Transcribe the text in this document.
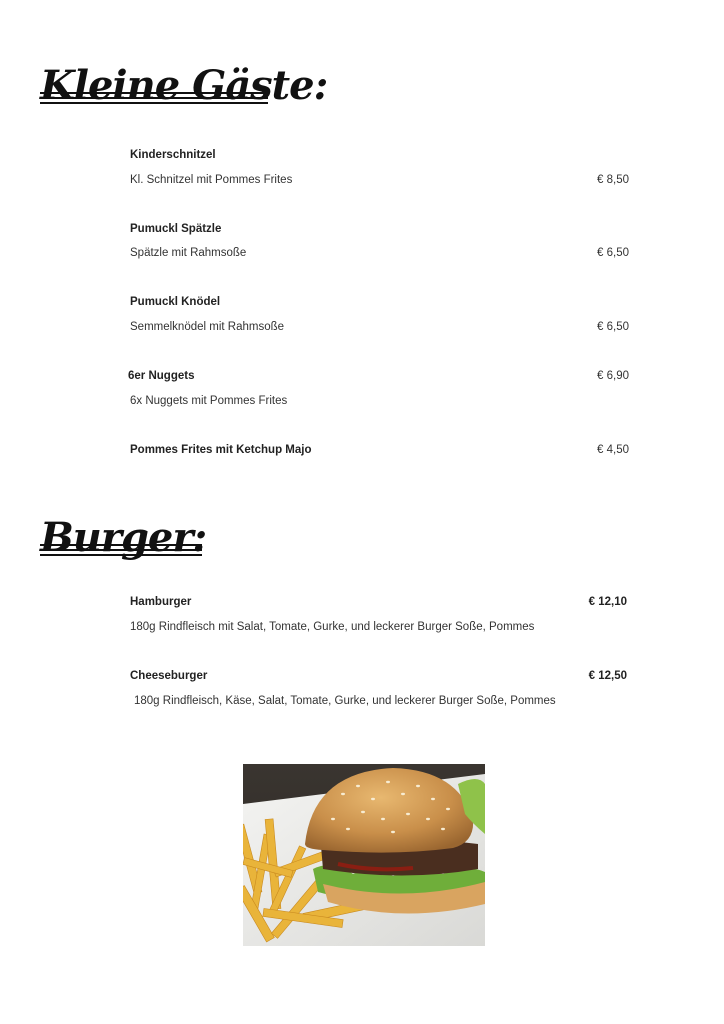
Kleine Gäste:
Kinderschnitzel
Kl. Schnitzel mit Pommes Frites	€ 8,50
Pumuckl Spätzle
Spätzle mit Rahmsoße	€ 6,50
Pumuckl Knödel
Semmelknödel mit Rahmsoße	€ 6,50
6er Nuggets	€ 6,90
6x Nuggets mit Pommes Frites
Pommes Frites mit Ketchup Majo	€ 4,50
Burger:
Hamburger	€ 12,10
180g Rindfleisch mit Salat, Tomate, Gurke, und leckerer Burger Soße, Pommes
Cheeseburger	€ 12,50
180g Rindfleisch, Käse, Salat, Tomate, Gurke, und leckerer Burger Soße, Pommes
